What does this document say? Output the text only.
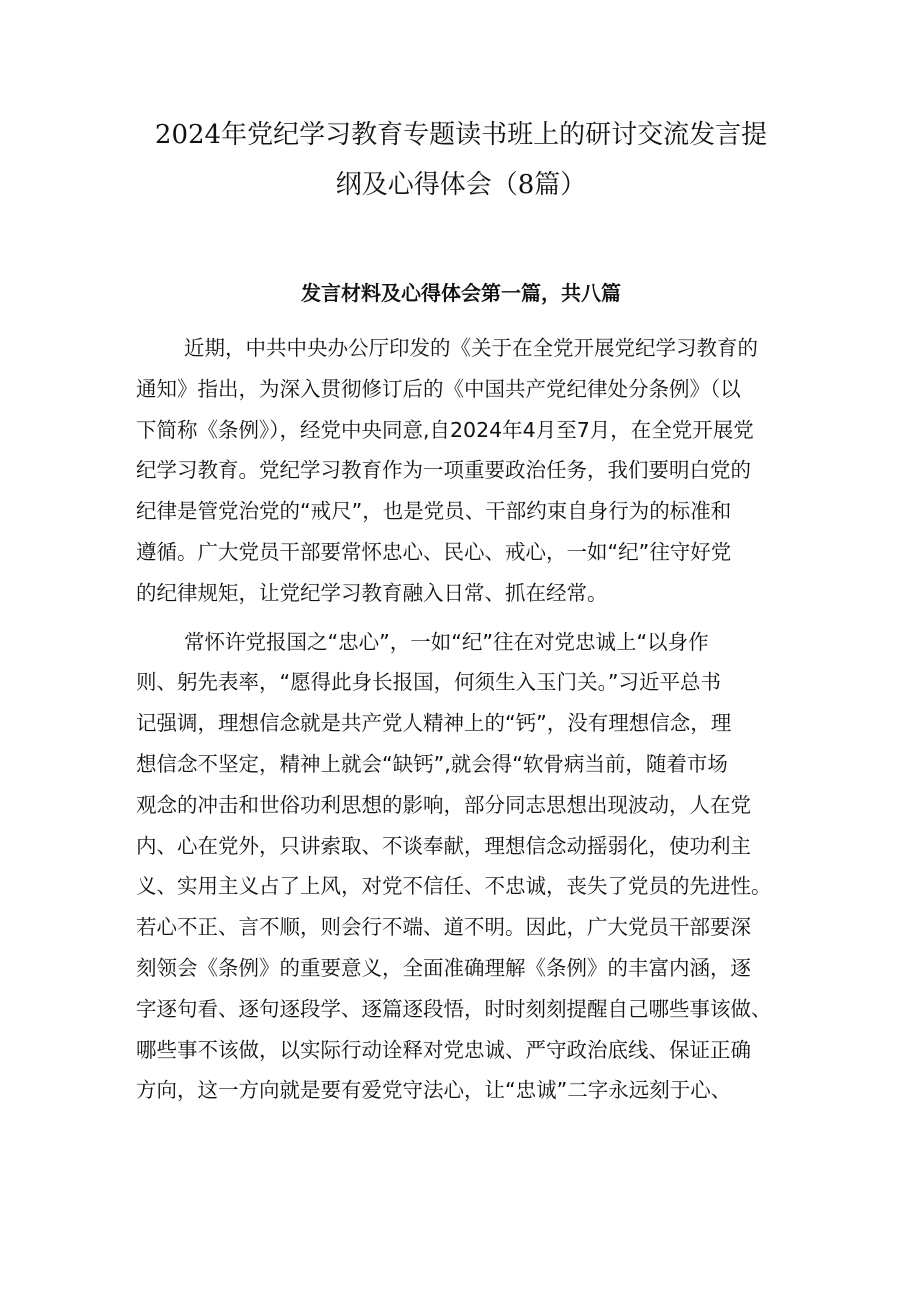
2024年党纪学习教育专题读书班上的研讨交流发言提
纲及心得体会（8篇）
发言材料及心得体会第一篇，共八篇

近期，中共中央办公厅印发的《关于在全党开展党纪学习教育的
通知》指出，为深入贯彻修订后的《中国共产党纪律处分条例》（以
下简称《条例》），经党中央同意,自2024年4月至7月，在全党开展党
纪学习教育。党纪学习教育作为一项重要政治任务，我们要明白党的
纪律是管党治党的“戒尺”，也是党员、干部约束自身行为的标准和
遵循。广大党员干部要常怀忠心、民心、戒心，一如“纪”往守好党
的纪律规矩，让党纪学习教育融入日常、抓在经常。

常怀许党报国之“忠心”，一如“纪”往在对党忠诚上“以身作
则、躬先表率，“愿得此身长报国，何须生入玉门关。”习近平总书
记强调，理想信念就是共产党人精神上的“钙”，没有理想信念，理
想信念不坚定，精神上就会“缺钙”,就会得“软骨病当前，随着市场
观念的冲击和世俗功利思想的影响，部分同志思想出现波动，人在党
内、心在党外，只讲索取、不谈奉献，理想信念动摇弱化，使功利主
义、实用主义占了上风，对党不信任、不忠诚，丧失了党员的先进性。
若心不正、言不顺，则会行不端、道不明。因此，广大党员干部要深
刻领会《条例》的重要意义，全面准确理解《条例》的丰富内涵，逐
字逐句看、逐句逐段学、逐篇逐段悟，时时刻刻提醒自己哪些事该做、
哪些事不该做，以实际行动诠释对党忠诚、严守政治底线、保证正确
方向，这一方向就是要有爱党守法心，让“忠诚”二字永远刻于心、
